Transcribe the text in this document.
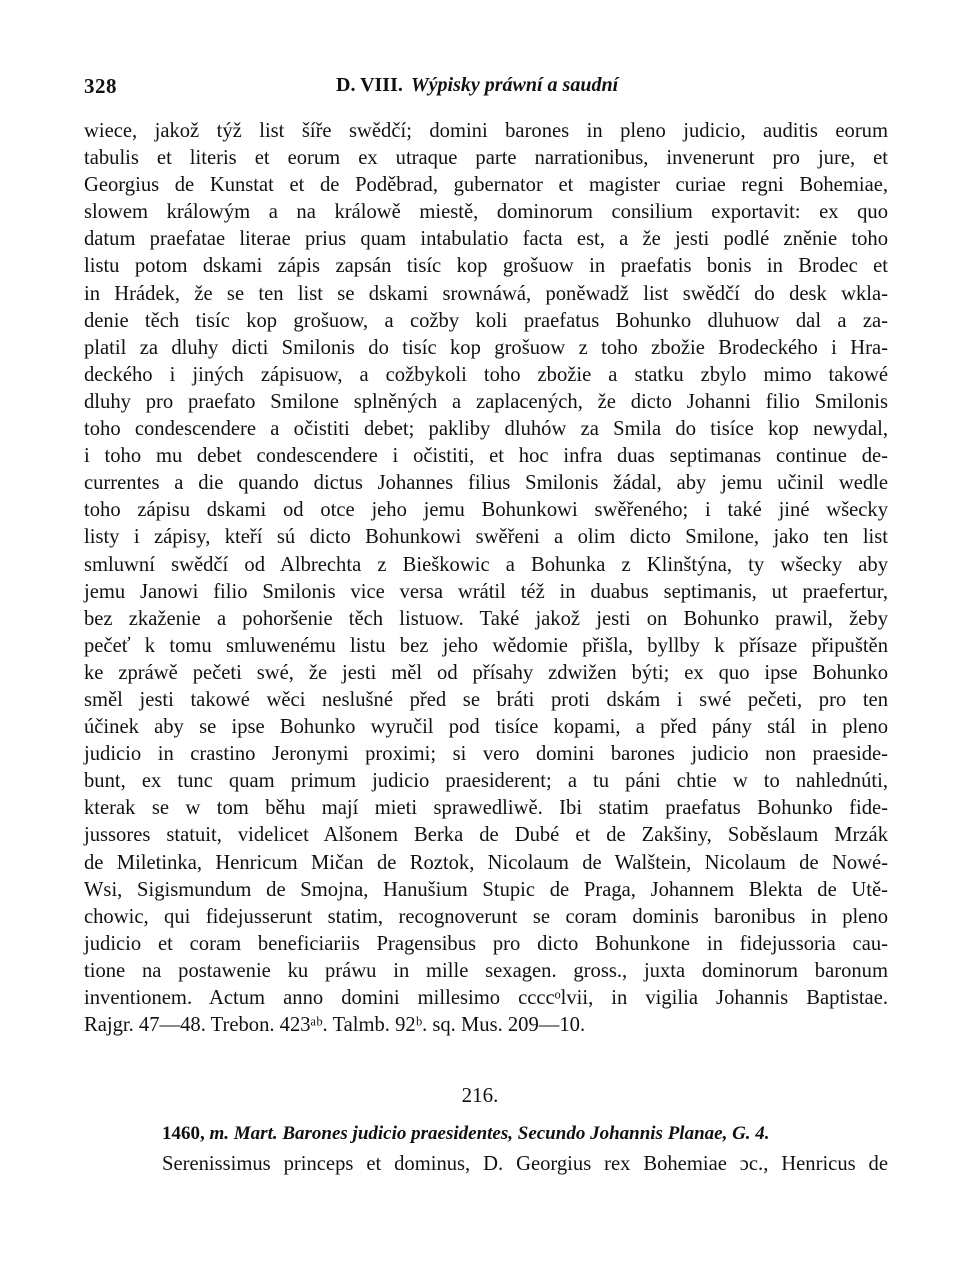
328	D. VIII. Wýpisky práwní a saudní
wiece, jakož týž list šíře swědčí; domini barones in pleno judicio, auditis eorum
tabulis et literis et eorum ex utraque parte narrationibus, invenerunt pro jure, et
Georgius de Kunstat et de Poděbrad, gubernator et magister curiae regni Bohemiae,
slowem králowým a na králowě miestě, dominorum consilium exportavit: ex quo
datum praefatae literae prius quam intabulatio facta est, a že jesti podlé zněnie toho
listu potom dskami zápis zapsán tisíc kop grošuow in praefatis bonis in Brodec et
in Hrádek, že se ten list se dskami srownáwá, poněwadž list swědčí do desk wkla-
denie těch tisíc kop grošuow, a cožby koli praefatus Bohunko dluhuow dal a za-
platil za dluhy dicti Smilonis do tisíc kop grošuow z toho zbožie Brodeckého i Hra-
deckého i jiných zápisuow, a cožbykoli toho zbožie a statku zbylo mimo takowé
dluhy pro praefato Smilone splněných a zaplacených, že dicto Johanni filio Smilonis
toho condescendere a očistiti debet; pakliby dluhów za Smila do tisíce kop newydal,
i toho mu debet condescendere i očistiti, et hoc infra duas septimanas continue de-
currentes a die quando dictus Johannes filius Smilonis žádal, aby jemu učinil wedle
toho zápisu dskami od otce jeho jemu Bohunkowi swěřeného; i také jiné wšecky
listy i zápisy, kteří sú dicto Bohunkowi swěřeni a olim dicto Smilone, jako ten list
smluwní swědčí od Albrechta z Bieškowic a Bohunka z Klinštýna, ty wšecky aby
jemu Janowi filio Smilonis vice versa wrátil též in duabus septimanis, ut praefertur,
bez zkaženie a pohoršenie těch listuow. Také jakož jesti on Bohunko prawil, žeby
pečeť k tomu smluwenému listu bez jeho wědomie přišla, byllby k přísaze připuštěn
ke zpráwě pečeti swé, že jesti měl od přísahy zdwižen býti; ex quo ipse Bohunko
směl jesti takowé wěci neslušné před se bráti proti dskám i swé pečeti, pro ten
účinek aby se ipse Bohunko wyručil pod tisíce kopami, a před pány stál in pleno
judicio in crastino Jeronymi proximi; si vero domini barones judicio non praeside-
bunt, ex tunc quam primum judicio praesiderent; a tu páni chtie w to nahlednúti,
kterak se w tom běhu mají mieti sprawedliwě. Ibi statim praefatus Bohunko fide-
jussores statuit, videlicet Alšonem Berka de Dubé et de Zakšiny, Soběslaum Mrzák
de Miletinka, Henricum Mičan de Roztok, Nicolaum de Walštein, Nicolaum de Nowé-
Wsi, Sigismundum de Smojna, Hanušium Stupic de Praga, Johannem Blekta de Utě-
chowic, qui fidejusserunt statim, recognoverunt se coram dominis baronibus in pleno
judicio et coram beneficiariis Pragensibus pro dicto Bohunkone in fidejussoria cau-
tione na postawenie ku práwu in mille sexagen. gross., juxta dominorum baronum
inventionem. Actum anno domini millesimo ccccᵒlvii, in vigilia Johannis Baptistae.
Rajgr. 47—48. Trebon. 423ᵃᵇ. Talmb. 92ᵇ. sq. Mus. 209—10.
216.
1460, m. Mart. Barones judicio praesidentes, Secundo Johannis Planae, G. 4.
Serenissimus princeps et dominus, D. Georgius rex Bohemiae ɔc., Henricus de
